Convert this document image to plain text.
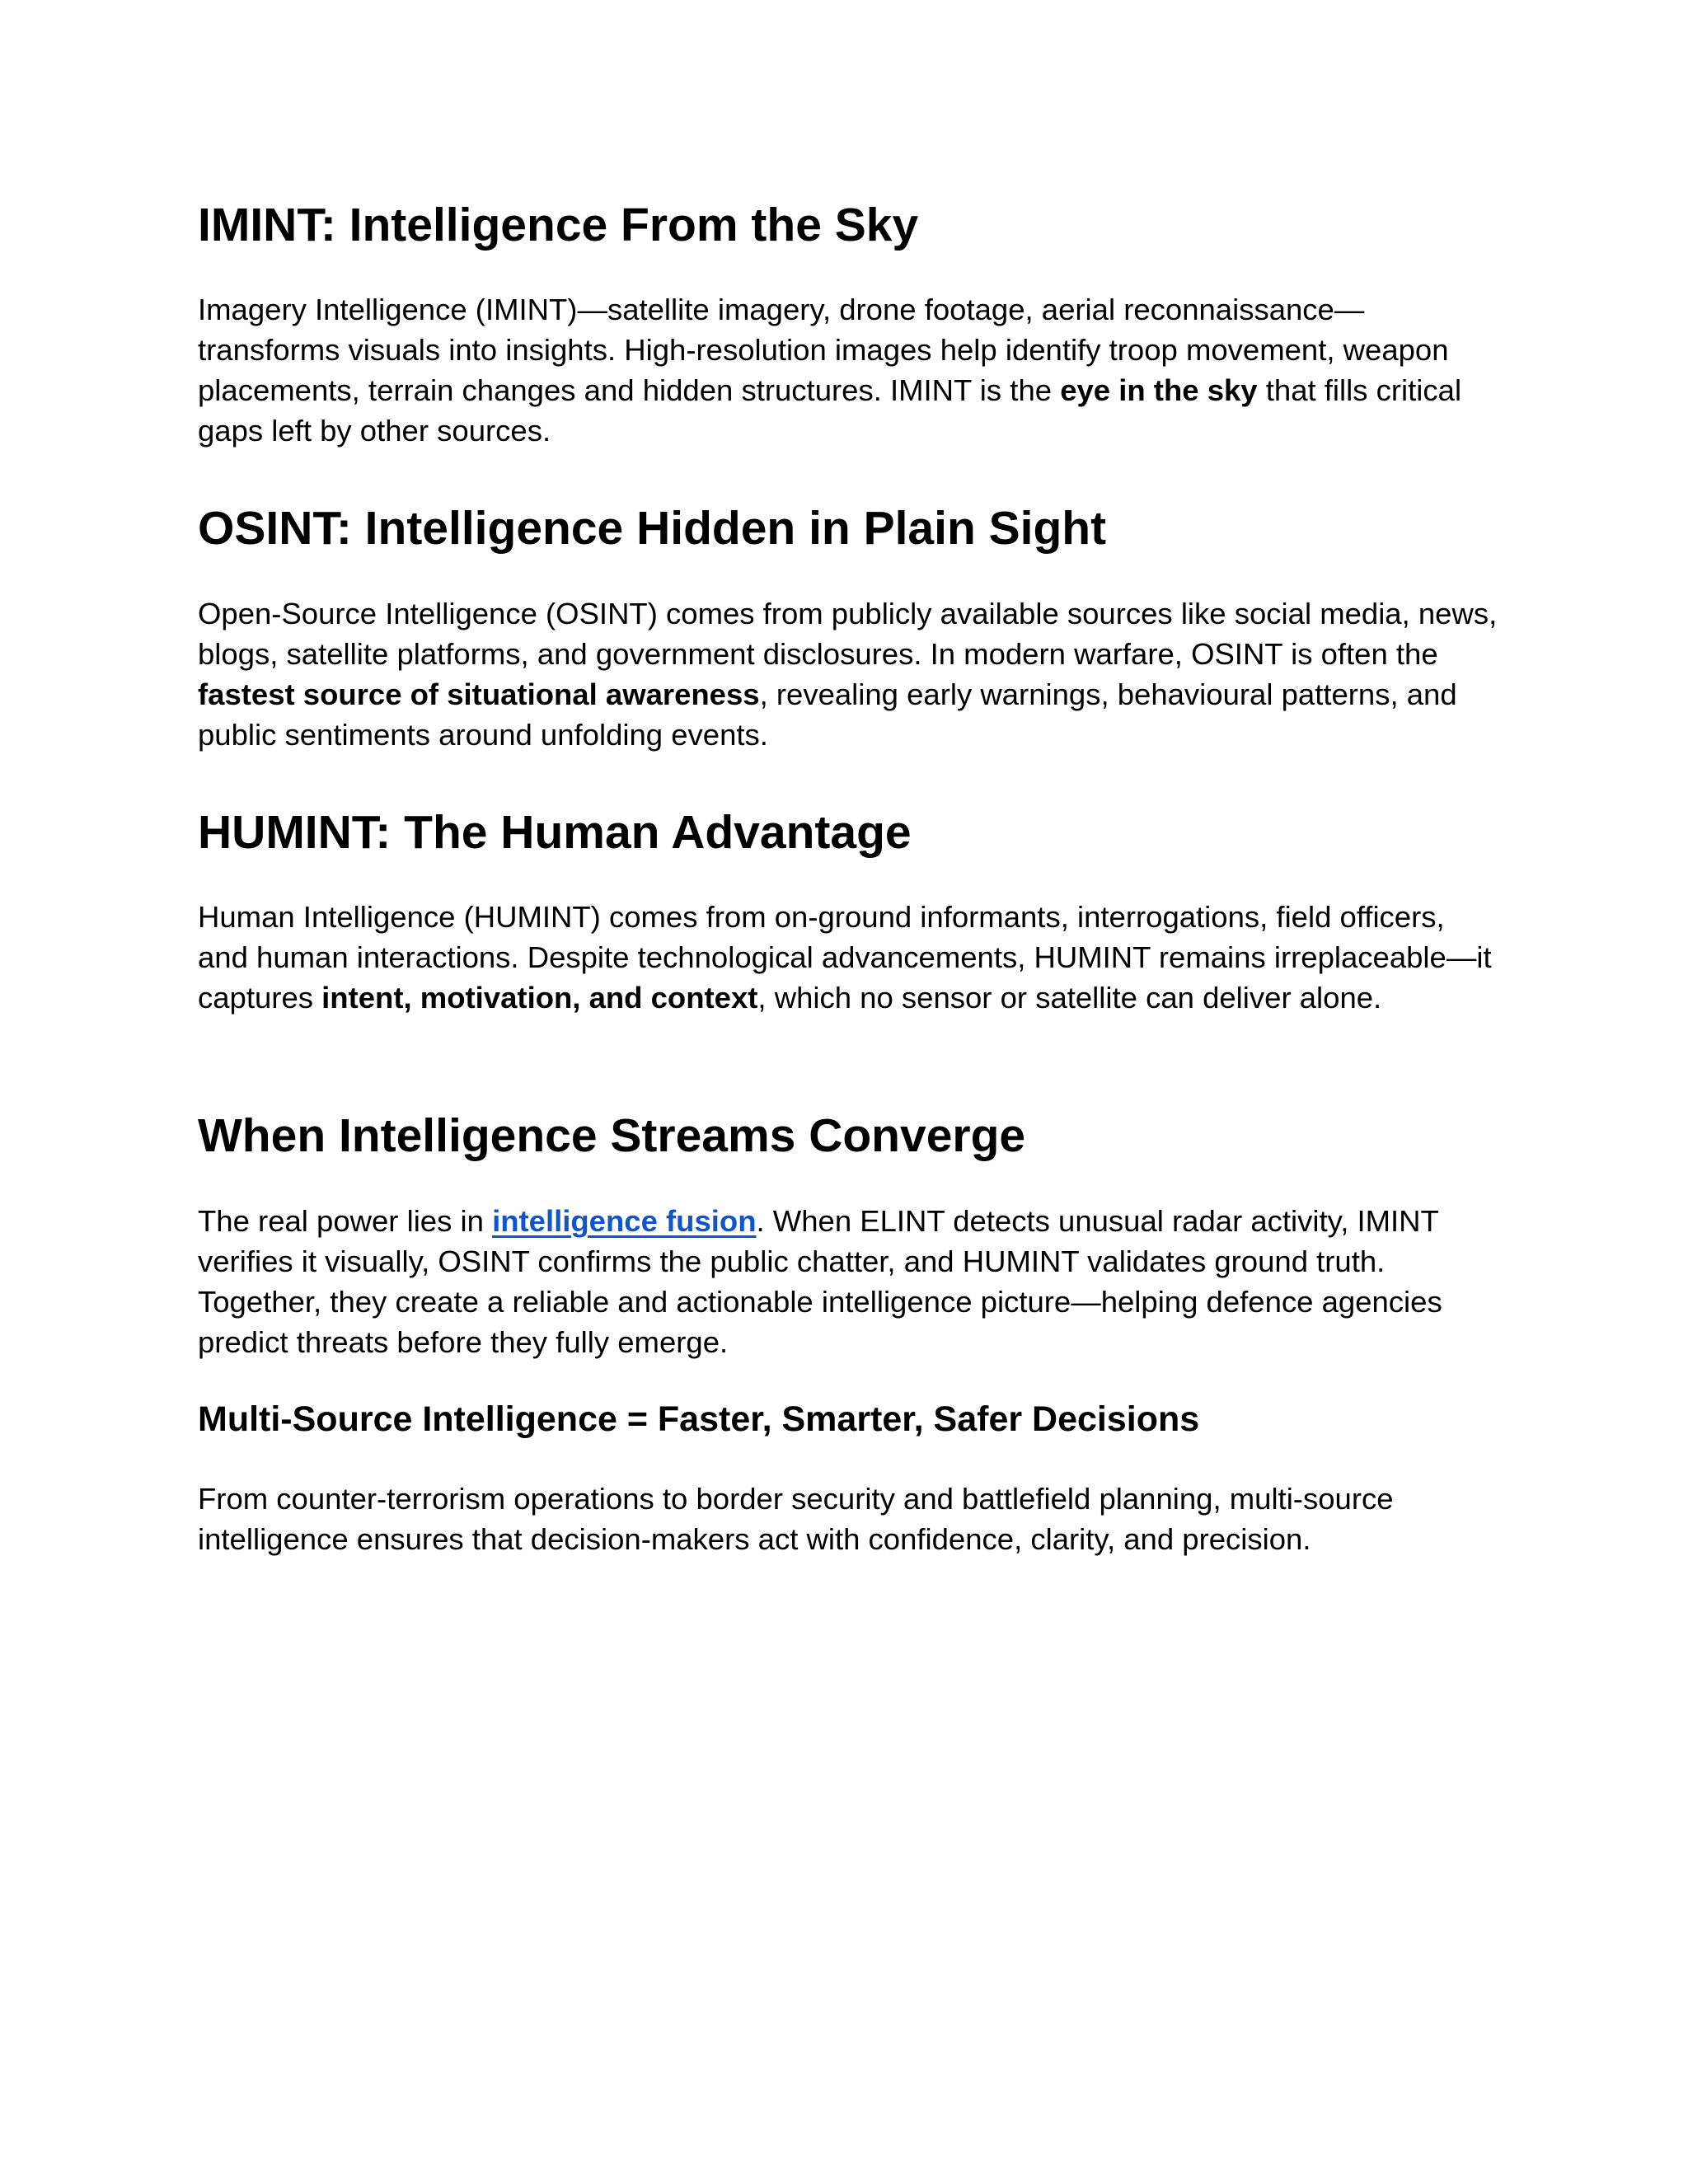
IMINT: Intelligence From the Sky

Imagery Intelligence (IMINT)—satellite imagery, drone footage, aerial reconnaissance—transforms visuals into insights. High-resolution images help identify troop movement, weapon placements, terrain changes and hidden structures. IMINT is the eye in the sky that fills critical gaps left by other sources.

OSINT: Intelligence Hidden in Plain Sight

Open-Source Intelligence (OSINT) comes from publicly available sources like social media, news, blogs, satellite platforms, and government disclosures. In modern warfare, OSINT is often the fastest source of situational awareness, revealing early warnings, behavioural patterns, and public sentiments around unfolding events.

HUMINT: The Human Advantage

Human Intelligence (HUMINT) comes from on-ground informants, interrogations, field officers, and human interactions. Despite technological advancements, HUMINT remains irreplaceable—it captures intent, motivation, and context, which no sensor or satellite can deliver alone.

When Intelligence Streams Converge

The real power lies in intelligence fusion. When ELINT detects unusual radar activity, IMINT verifies it visually, OSINT confirms the public chatter, and HUMINT validates ground truth. Together, they create a reliable and actionable intelligence picture—helping defence agencies predict threats before they fully emerge.

Multi-Source Intelligence = Faster, Smarter, Safer Decisions

From counter-terrorism operations to border security and battlefield planning, multi-source intelligence ensures that decision-makers act with confidence, clarity, and precision.
